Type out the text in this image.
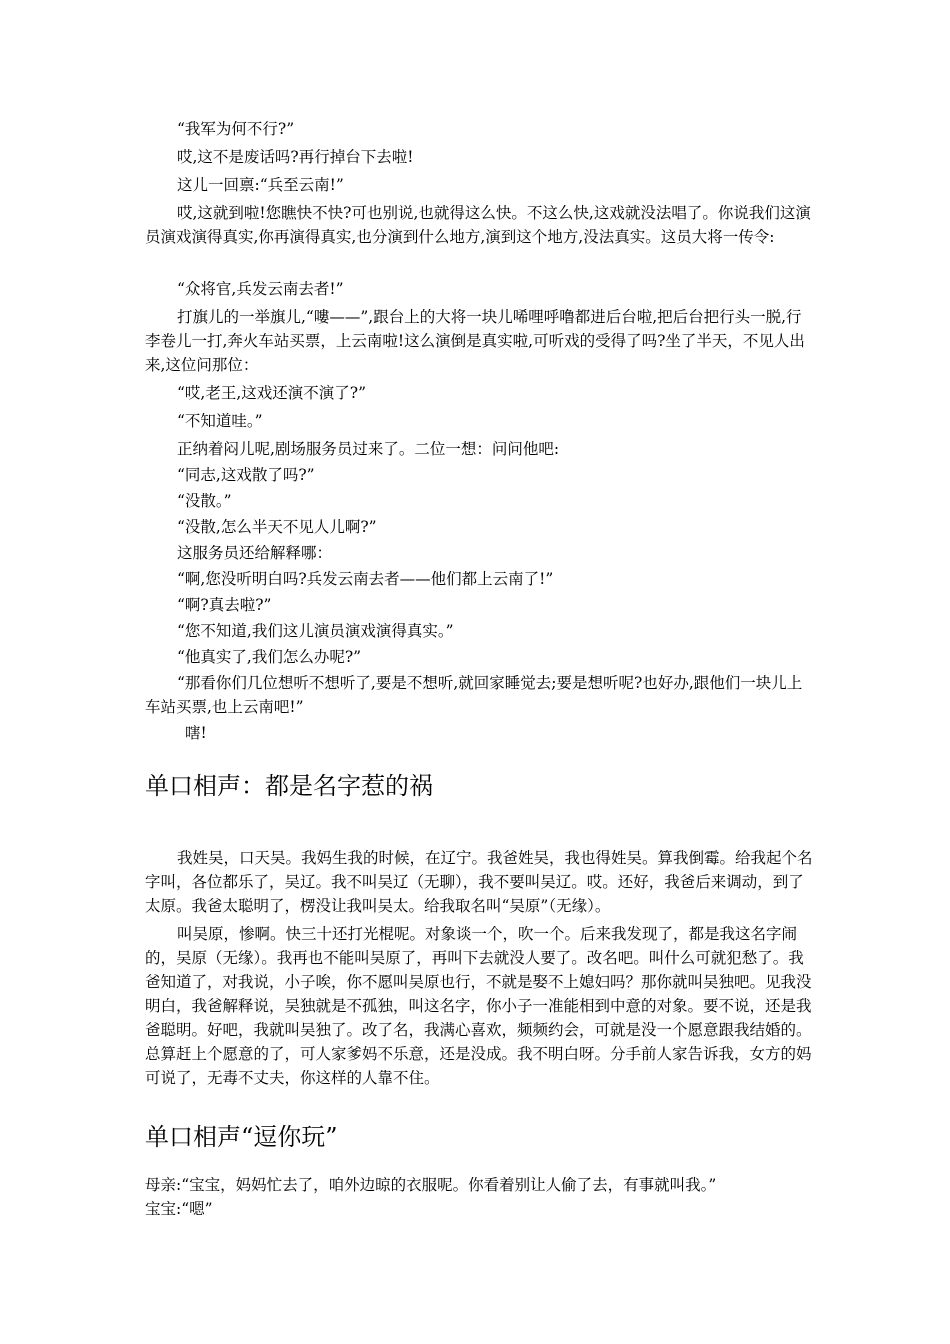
“我军为何不行?”

哎,这不是废话吗?再行掉台下去啦!

这儿一回禀:“兵至云南!”

哎,这就到啦!您瞧快不快?可也别说,也就得这么快。不这么快,这戏就没法唱了。你说我们这演员演戏演得真实,你再演得真实,也分演到什么地方,演到这个地方,没法真实。这员大将一传令:

“众将官,兵发云南去者!”

打旗儿的一举旗儿,“嘍——”,跟台上的大将一块儿唏哩呼噜都进后台啦,把后台把行头一脱,行李卷儿一打,奔火车站买票，上云南啦!这么演倒是真实啦,可听戏的受得了吗?坐了半天，不见人出来,这位问那位：

“哎,老王,这戏还演不演了?”

“不知道哇。”

正纳着闷儿呢,剧场服务员过来了。二位一想：问问他吧:

“同志,这戏散了吗?”

“没散。”

“没散,怎么半天不见人儿啊?”

这服务员还给解释哪：

“啊,您没听明白吗?兵发云南去者——他们都上云南了!”

“啊?真去啦?”

“您不知道,我们这儿演员演戏演得真实。”

“他真实了,我们怎么办呢?”

“那看你们几位想听不想听了,要是不想听,就回家睡觉去;要是想听呢?也好办,跟他们一块儿上车站买票,也上云南吧!”

嗐!

单口相声：都是名字惹的祸

我姓吴，口天吴。我妈生我的时候，在辽宁。我爸姓吴，我也得姓吴。算我倒霉。给我起个名字叫，各位都乐了，吴辽。我不叫吴辽（无聊），我不要叫吴辽。哎。还好，我爸后来调动，到了太原。我爸太聪明了，楞没让我叫吴太。给我取名叫“吴原”（无缘）。

叫吴原，惨啊。快三十还打光棍呢。对象谈一个，吹一个。后来我发现了，都是我这名字闹的，吴原（无缘）。我再也不能叫吴原了，再叫下去就没人要了。改名吧。叫什么可就犯愁了。我爸知道了，对我说，小子唉，你不愿叫吴原也行，不就是娶不上媳妇吗？那你就叫吴独吧。见我没明白，我爸解释说，吴独就是不孤独，叫这名字，你小子一准能相到中意的对象。要不说，还是我爸聪明。好吧，我就叫吴独了。改了名，我满心喜欢，频频约会，可就是没一个愿意跟我结婚的。总算赶上个愿意的了，可人家爹妈不乐意，还是没成。我不明白呀。分手前人家告诉我，女方的妈可说了，无毒不丈夫，你这样的人靠不住。

单口相声“逗你玩”

母亲:“宝宝，妈妈忙去了，咱外边晾的衣服呢。你看着别让人偷了去，有事就叫我。”

宝宝:“嗯”
